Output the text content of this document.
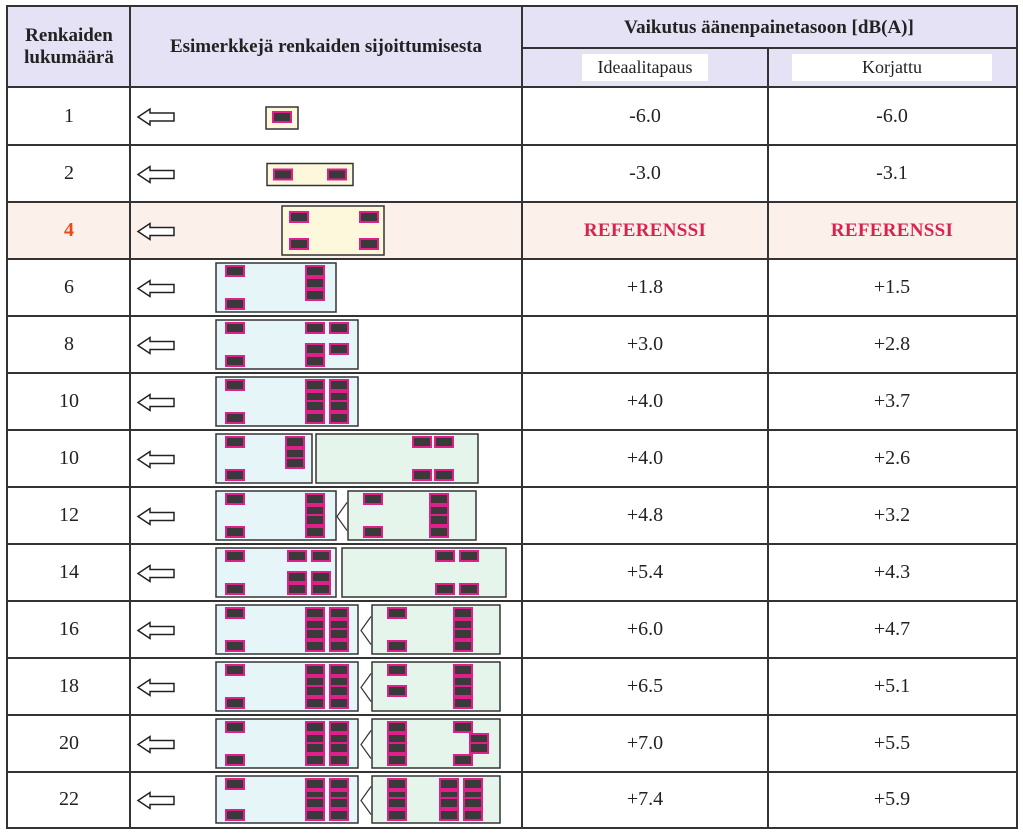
Renkaiden
lukumäärä
Esimerkkejä renkaiden sijoittumisesta
Vaikutus äänenpainetasoon [dB(A)]
Ideaalitapaus	Korjattu
1	-6.0	-6.0
2	-3.0	-3.1
4	REFERENSSI	REFERENSSI
6	+1.8	+1.5
8	+3.0	+2.8
10	+4.0	+3.7
10	+4.0	+2.6
12	+4.8	+3.2
14	+5.4	+4.3
16	+6.0	+4.7
18	+6.5	+5.1
20	+7.0	+5.5
22	+7.4	+5.9
